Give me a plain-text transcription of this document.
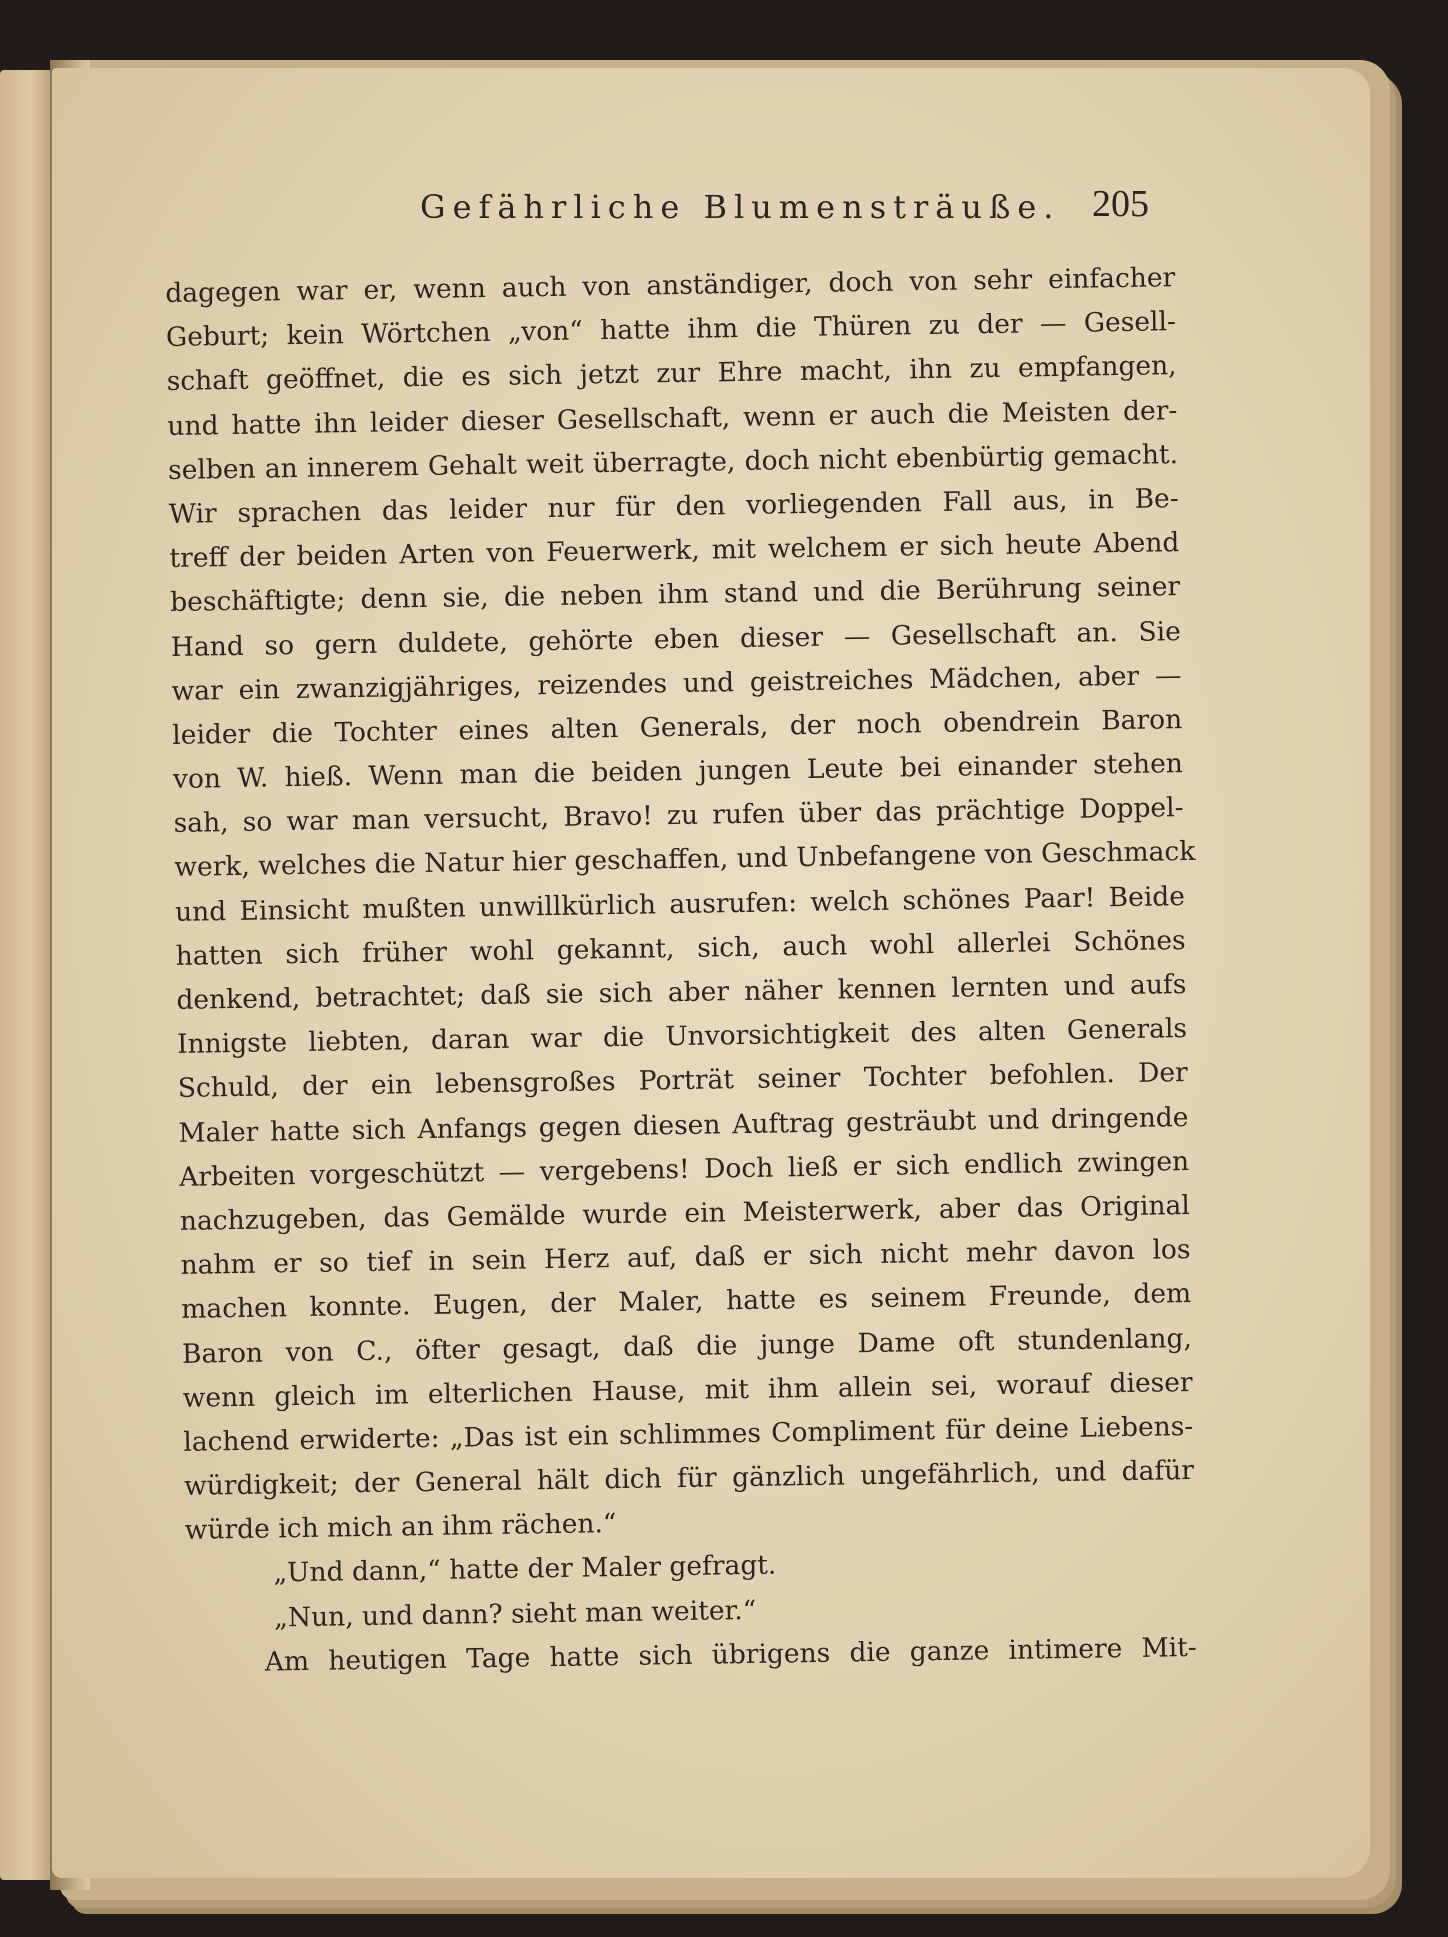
Gefährliche Blumensträuße. 205
dagegen war er, wenn auch von anständiger, doch von sehr einfacher
Geburt; kein Wörtchen „von“ hatte ihm die Thüren zu der — Gesell-
schaft geöffnet, die es sich jetzt zur Ehre macht, ihn zu empfangen,
und hatte ihn leider dieser Gesellschaft, wenn er auch die Meisten der-
selben an innerem Gehalt weit überragte, doch nicht ebenbürtig gemacht.
Wir sprachen das leider nur für den vorliegenden Fall aus, in Be-
treff der beiden Arten von Feuerwerk, mit welchem er sich heute Abend
beschäftigte; denn sie, die neben ihm stand und die Berührung seiner
Hand so gern duldete, gehörte eben dieser — Gesellschaft an. Sie
war ein zwanzigjähriges, reizendes und geistreiches Mädchen, aber —
leider die Tochter eines alten Generals, der noch obendrein Baron
von W. hieß. Wenn man die beiden jungen Leute bei einander stehen
sah, so war man versucht, Bravo! zu rufen über das prächtige Doppel-
werk, welches die Natur hier geschaffen, und Unbefangene von Geschmack
und Einsicht mußten unwillkürlich ausrufen: welch schönes Paar! Beide
hatten sich früher wohl gekannt, sich, auch wohl allerlei Schönes
denkend, betrachtet; daß sie sich aber näher kennen lernten und aufs
Innigste liebten, daran war die Unvorsichtigkeit des alten Generals
Schuld, der ein lebensgroßes Porträt seiner Tochter befohlen. Der
Maler hatte sich Anfangs gegen diesen Auftrag gesträubt und dringende
Arbeiten vorgeschützt — vergebens! Doch ließ er sich endlich zwingen
nachzugeben, das Gemälde wurde ein Meisterwerk, aber das Original
nahm er so tief in sein Herz auf, daß er sich nicht mehr davon los
machen konnte. Eugen, der Maler, hatte es seinem Freunde, dem
Baron von C., öfter gesagt, daß die junge Dame oft stundenlang,
wenn gleich im elterlichen Hause, mit ihm allein sei, worauf dieser
lachend erwiderte: „Das ist ein schlimmes Compliment für deine Liebens-
würdigkeit; der General hält dich für gänzlich ungefährlich, und dafür
würde ich mich an ihm rächen.“
„Und dann,“ hatte der Maler gefragt.
„Nun, und dann? sieht man weiter.“
Am heutigen Tage hatte sich übrigens die ganze intimere Mit-
